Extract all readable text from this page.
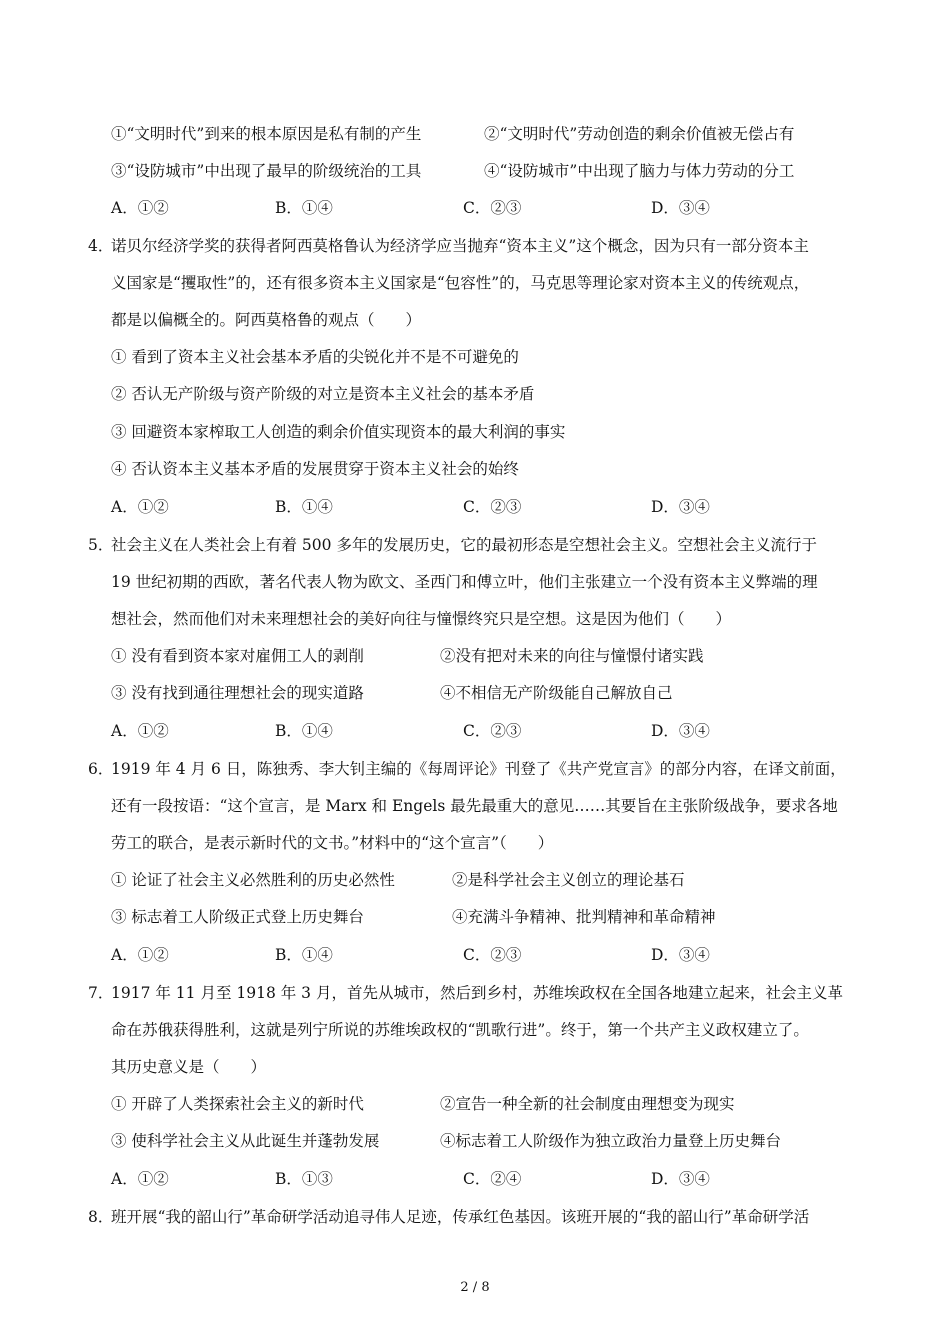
①“文明时代”到来的根本原因是私有制的产生	②“文明时代”劳动创造的剩余价值被无偿占有
③“设防城市”中出现了最早的阶级统治的工具	④“设防城市”中出现了脑力与体力劳动的分工
A．①②	B．①④	C．②③	D．③④
4．
诺贝尔经济学奖的获得者阿西莫格鲁认为经济学应当抛弃“资本主义”这个概念，因为只有一部分资本主
义国家是“攫取性”的，还有很多资本主义国家是“包容性”的，马克思等理论家对资本主义的传统观点，
都是以偏概全的。阿西莫格鲁的观点（　　）
① 看到了资本主义社会基本矛盾的尖锐化并不是不可避免的
② 否认无产阶级与资产阶级的对立是资本主义社会的基本矛盾
③ 回避资本家榨取工人创造的剩余价值实现资本的最大利润的事实
④ 否认资本主义基本矛盾的发展贯穿于资本主义社会的始终
A．①②	B．①④	C．②③	D．③④
5．
社会主义在人类社会上有着 500 多年的发展历史，它的最初形态是空想社会主义。空想社会主义流行于
19 世纪初期的西欧，著名代表人物为欧文、圣西门和傅立叶，他们主张建立一个没有资本主义弊端的理
想社会，然而他们对未来理想社会的美好向往与憧憬终究只是空想。这是因为他们（　　）
① 没有看到资本家对雇佣工人的剥削	②没有把对未来的向往与憧憬付诸实践
③ 没有找到通往理想社会的现实道路	④不相信无产阶级能自己解放自己
A．①②	B．①④	C．②③	D．③④
6．
1919 年 4 月 6 日，陈独秀、李大钊主编的《每周评论》刊登了《共产党宣言》的部分内容，在译文前面，
还有一段按语：“这个宣言，是 Marx 和 Engels 最先最重大的意见……其要旨在主张阶级战争，要求各地
劳工的联合，是表示新时代的文书。”材料中的“这个宣言”（　　）
① 论证了社会主义必然胜利的历史必然性	②是科学社会主义创立的理论基石
③ 标志着工人阶级正式登上历史舞台	④充满斗争精神、批判精神和革命精神
A．①②	B．①④	C．②③	D．③④
7．
1917 年 11 月至 1918 年 3 月，首先从城市，然后到乡村，苏维埃政权在全国各地建立起来，社会主义革
命在苏俄获得胜利，这就是列宁所说的苏维埃政权的“凯歌行进”。终于，第一个共产主义政权建立了。
其历史意义是（　　）
① 开辟了人类探索社会主义的新时代	②宣告一种全新的社会制度由理想变为现实
③ 使科学社会主义从此诞生并蓬勃发展	④标志着工人阶级作为独立政治力量登上历史舞台
A．①②	B．①③	C．②④	D．③④
8．
班开展“我的韶山行”革命研学活动追寻伟人足迹，传承红色基因。该班开展的“我的韶山行”革命研学活
2 / 8
